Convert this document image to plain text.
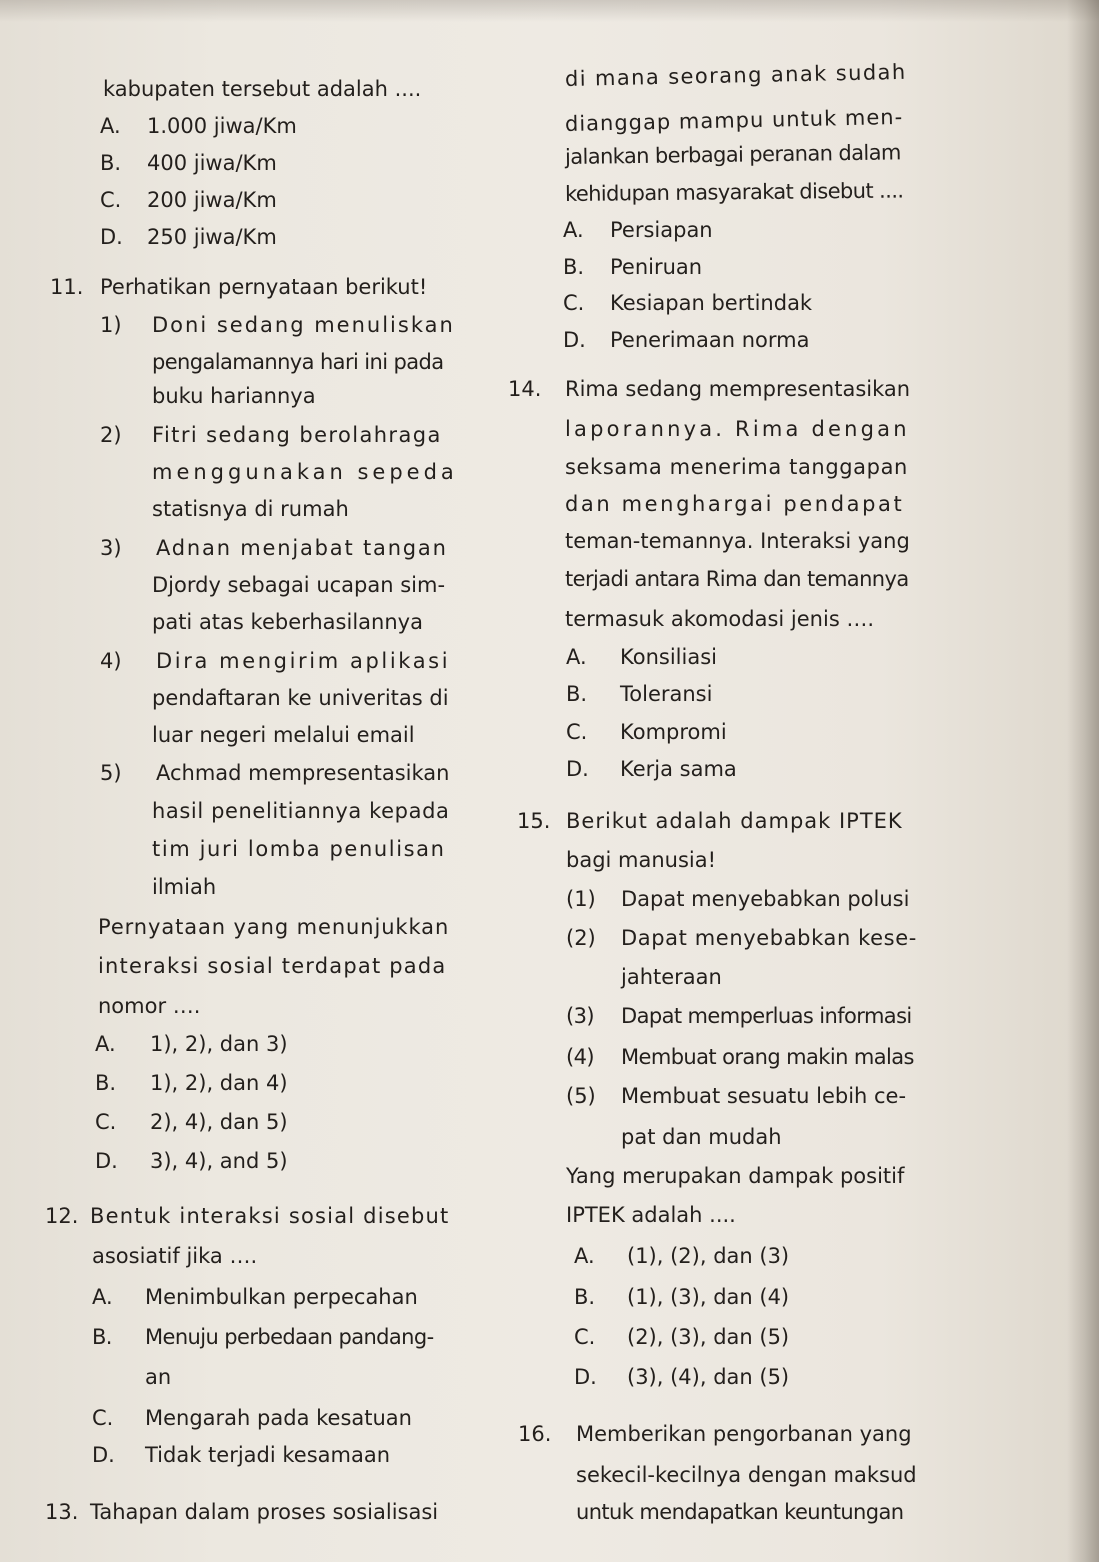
kabupaten tersebut adalah ....
A. 1.000 jiwa/Km
B. 400 jiwa/Km
C. 200 jiwa/Km
D. 250 jiwa/Km
11. Perhatikan pernyataan berikut!
1) Doni sedang menuliskan
pengalamannya hari ini pada
buku hariannya
2) Fitri sedang berolahraga
menggunakan sepeda
statisnya di rumah
3) Adnan menjabat tangan
Djordy sebagai ucapan sim-
pati atas keberhasilannya
4) Dira mengirim aplikasi
pendaftaran ke univeritas di
luar negeri melalui email
5) Achmad mempresentasikan
hasil penelitiannya kepada
tim juri lomba penulisan
ilmiah
Pernyataan yang menunjukkan
interaksi sosial terdapat pada
nomor ….
A. 1), 2), dan 3)
B. 1), 2), dan 4)
C. 2), 4), dan 5)
D. 3), 4), and 5)
12. Bentuk interaksi sosial disebut
asosiatif jika ….
A. Menimbulkan perpecahan
B. Menuju perbedaan pandang-
an
C. Mengarah pada kesatuan
D. Tidak terjadi kesamaan
13. Tahapan dalam proses sosialisasi
di mana seorang anak sudah
dianggap mampu untuk men-
jalankan berbagai peranan dalam
kehidupan masyarakat disebut ....
A. Persiapan
B. Peniruan
C. Kesiapan bertindak
D. Penerimaan norma
14. Rima sedang mempresentasikan
laporannya. Rima dengan
seksama menerima tanggapan
dan menghargai pendapat
teman-temannya. Interaksi yang
terjadi antara Rima dan temannya
termasuk akomodasi jenis ….
A. Konsiliasi
B. Toleransi
C. Kompromi
D. Kerja sama
15. Berikut adalah dampak IPTEK
bagi manusia!
(1) Dapat menyebabkan polusi
(2) Dapat menyebabkan kese-
jahteraan
(3) Dapat memperluas informasi
(4) Membuat orang makin malas
(5) Membuat sesuatu lebih ce-
pat dan mudah
Yang merupakan dampak positif
IPTEK adalah ....
A. (1), (2), dan (3)
B. (1), (3), dan (4)
C. (2), (3), dan (5)
D. (3), (4), dan (5)
16. Memberikan pengorbanan yang
sekecil-kecilnya dengan maksud
untuk mendapatkan keuntungan
